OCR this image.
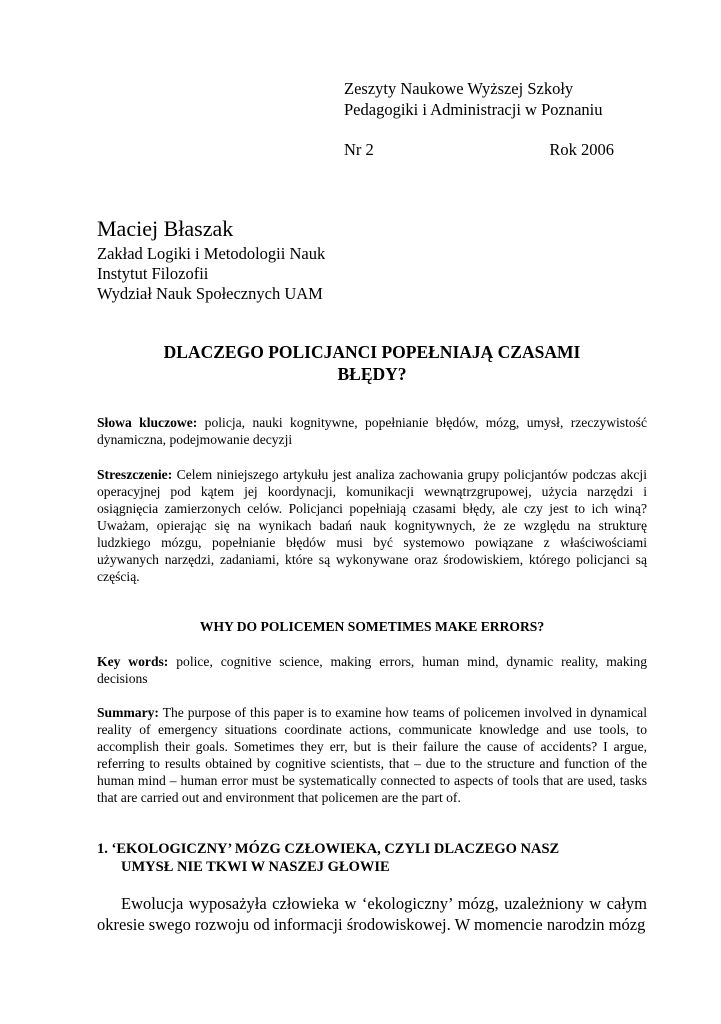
Zeszyty Naukowe Wyższej Szkoły
Pedagogiki i Administracji w Poznaniu
Nr 2	Rok 2006
Maciej Błaszak
Zakład Logiki i Metodologii Nauk
Instytut Filozofii
Wydział Nauk Społecznych UAM
DLACZEGO POLICJANCI POPEŁNIAJĄ CZASAMI
BŁĘDY?
Słowa kluczowe: policja, nauki kognitywne, popełnianie błędów, mózg, umysł, rzeczywistość dynamiczna, podejmowanie decyzji
Streszczenie: Celem niniejszego artykułu jest analiza zachowania grupy policjantów podczas akcji operacyjnej pod kątem jej koordynacji, komunikacji wewnątrzgrupowej, użycia narzędzi i osiągnięcia zamierzonych celów. Policjanci popełniają czasami błędy, ale czy jest to ich winą? Uważam, opierając się na wynikach badań nauk kognitywnych, że ze względu na strukturę ludzkiego mózgu, popełnianie błędów musi być systemowo powiązane z właściwościami używanych narzędzi, zadaniami, które są wykonywane oraz środowiskiem, którego policjanci są częścią.
WHY DO POLICEMEN SOMETIMES MAKE ERRORS?
Key words: police, cognitive science, making errors, human mind, dynamic reality, making decisions
Summary: The purpose of this paper is to examine how teams of policemen involved in dynamical reality of emergency situations coordinate actions, communicate knowledge and use tools, to accomplish their goals. Sometimes they err, but is their failure the cause of accidents? I argue, referring to results obtained by cognitive scientists, that – due to the structure and function of the human mind – human error must be systematically connected to aspects of tools that are used, tasks that are carried out and environment that policemen are the part of.
1. ‘EKOLOGICZNY’ MÓZG CZŁOWIEKA, CZYLI DLACZEGO NASZ
UMYSŁ NIE TKWI W NASZEJ GŁOWIE
Ewolucja wyposażyła człowieka w ‘ekologiczny’ mózg, uzależniony w całym okresie swego rozwoju od informacji środowiskowej. W momencie narodzin mózg
